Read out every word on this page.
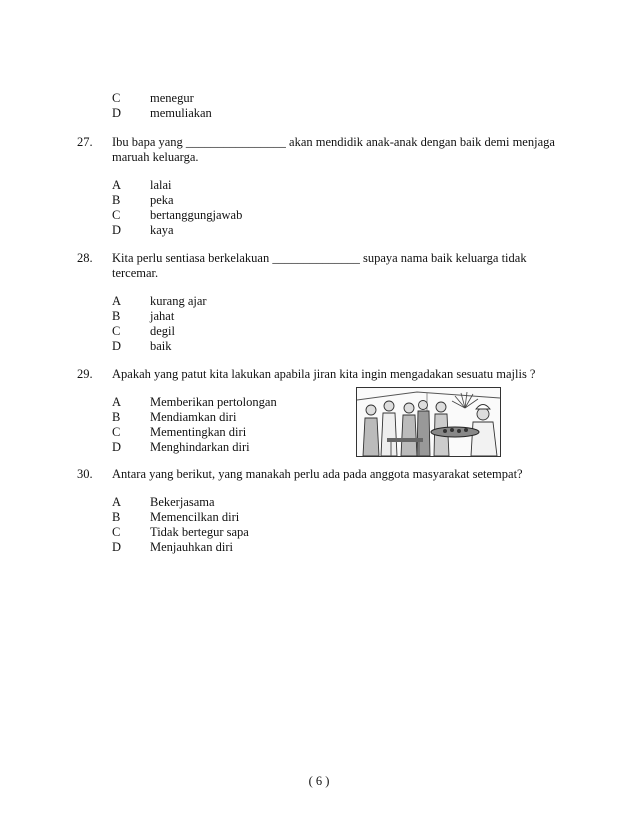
C menegur
D memuliakan
27. Ibu bapa yang ________________ akan mendidik anak-anak dengan baik demi menjaga
maruah keluarga.
A lalai
B peka
C bertanggungjawab
D kaya
28. Kita perlu sentiasa berkelakuan ______________ supaya nama baik keluarga tidak
tercemar.
A kurang ajar
B jahat
C degil
D baik
29. Apakah yang patut kita lakukan apabila jiran kita ingin mengadakan sesuatu majlis ?
A Memberikan pertolongan
B Mendiamkan diri
C Mementingkan diri
D Menghindarkan diri
30. Antara yang berikut, yang manakah perlu ada pada anggota masyarakat setempat?
A Bekerjasama
B Memencilkan diri
C Tidak bertegur sapa
D Menjauhkan diri
( 6 )
